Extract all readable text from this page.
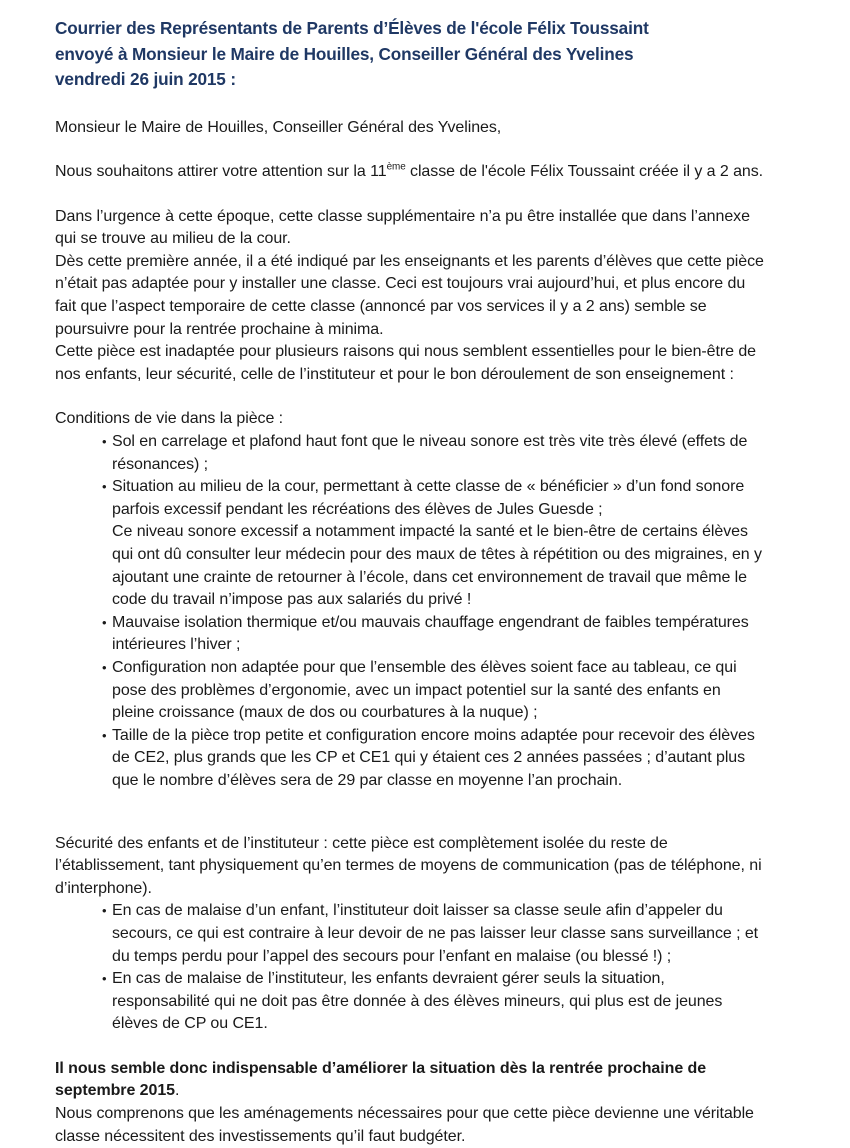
Courrier des Représentants de Parents d’Élèves de l'école Félix Toussaint
envoyé à Monsieur le Maire de Houilles, Conseiller Général des Yvelines
vendredi 26 juin 2015 :

Monsieur le Maire de Houilles, Conseiller Général des Yvelines,

Nous souhaitons attirer votre attention sur la 11ème classe de l'école Félix Toussaint créée il y a 2 ans.

Dans l’urgence à cette époque, cette classe supplémentaire n’a pu être installée que dans l’annexe qui se trouve au milieu de la cour.

Dès cette première année, il a été indiqué par les enseignants et les parents d’élèves que cette pièce n’était pas adaptée pour y installer une classe. Ceci est toujours vrai aujourd’hui, et plus encore du fait que l’aspect temporaire de cette classe (annoncé par vos services il y a 2 ans) semble se poursuivre pour la rentrée prochaine à minima.

Cette pièce est inadaptée pour plusieurs raisons qui nous semblent essentielles pour le bien-être de nos enfants, leur sécurité, celle de l’instituteur et pour le bon déroulement de son enseignement :

Conditions de vie dans la pièce :

• Sol en carrelage et plafond haut font que le niveau sonore est très vite très élevé (effets de résonances) ;
• Situation au milieu de la cour, permettant à cette classe de « bénéficier » d’un fond sonore parfois excessif pendant les récréations des élèves de Jules Guesde ;
Ce niveau sonore excessif a notamment impacté la santé et le bien-être de certains élèves qui ont dû consulter leur médecin pour des maux de têtes à répétition ou des migraines, en y ajoutant une crainte de retourner à l’école, dans cet environnement de travail que même le code du travail n’impose pas aux salariés du privé !
• Mauvaise isolation thermique et/ou mauvais chauffage engendrant de faibles températures intérieures l’hiver ;
• Configuration non adaptée pour que l’ensemble des élèves soient face au tableau, ce qui pose des problèmes d’ergonomie, avec un impact potentiel sur la santé des enfants en pleine croissance (maux de dos ou courbatures à la nuque) ;
• Taille de la pièce trop petite et configuration encore moins adaptée pour recevoir des élèves de CE2, plus grands que les CP et CE1 qui y étaient ces 2 années passées ; d’autant plus que le nombre d’élèves sera de 29 par classe en moyenne l’an prochain.

Sécurité des enfants et de l’instituteur : cette pièce est complètement isolée du reste de l’établissement, tant physiquement qu’en termes de moyens de communication (pas de téléphone, ni d’interphone).

• En cas de malaise d’un enfant, l’instituteur doit laisser sa classe seule afin d’appeler du secours, ce qui est contraire à leur devoir de ne pas laisser leur classe sans surveillance ; et du temps perdu pour l’appel des secours pour l’enfant en malaise (ou blessé !) ;
• En cas de malaise de l’instituteur, les enfants devraient gérer seuls la situation, responsabilité qui ne doit pas être donnée à des élèves mineurs, qui plus est de jeunes élèves de CP ou CE1.

Il nous semble donc indispensable d’améliorer la situation dès la rentrée prochaine de septembre 2015.

Nous comprenons que les aménagements nécessaires pour que cette pièce devienne une véritable classe nécessitent des investissements qu’il faut budgéter.
